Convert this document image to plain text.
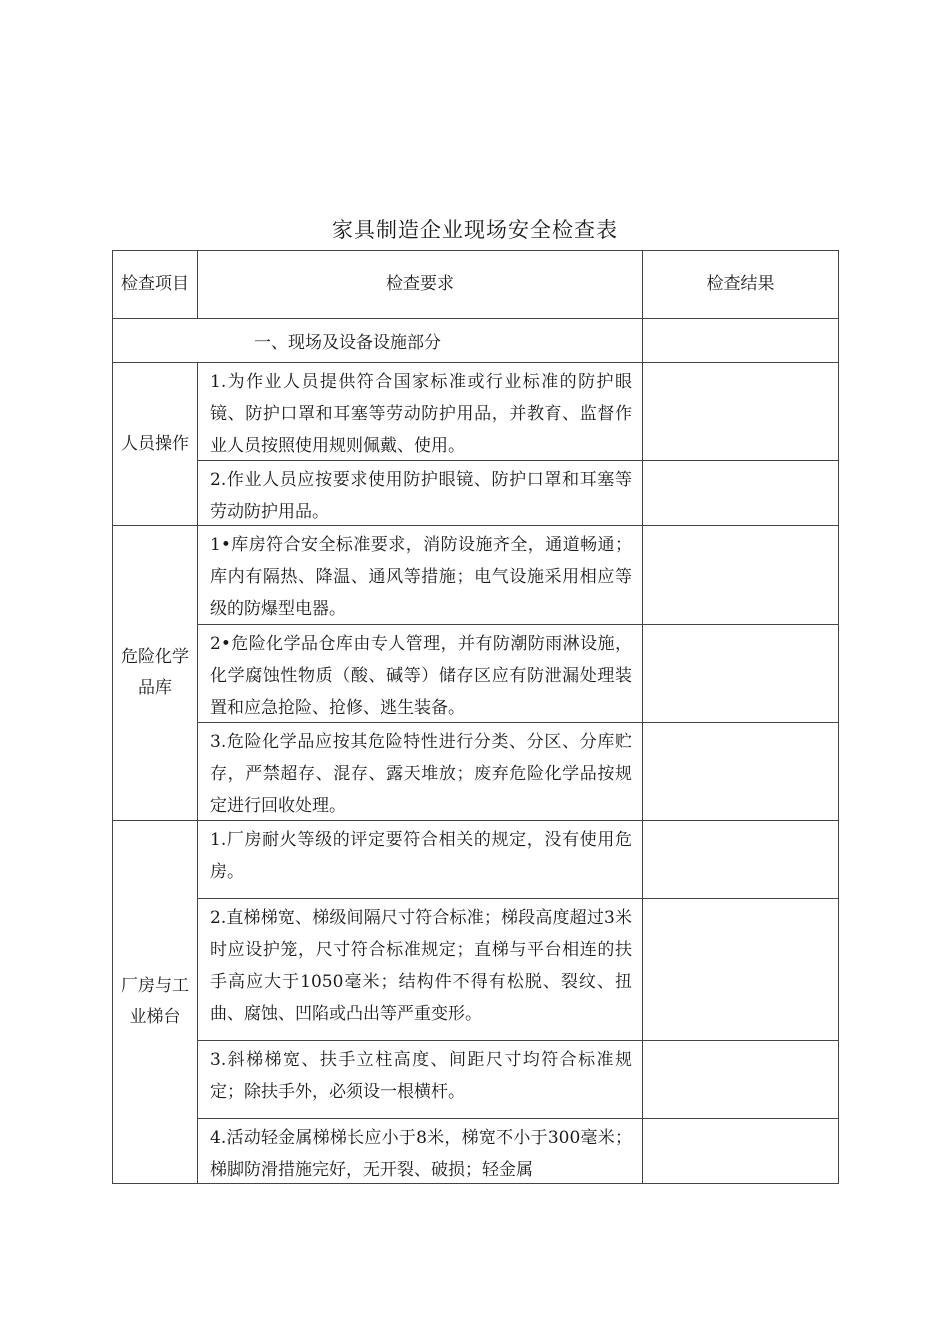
家具制造企业现场安全检查表
检查项目	检查要求	检查结果
一、现场及设备设施部分		
人员操作	1.为作业人员提供符合国家标准或行业标准的防护眼镜、防护口罩和耳塞等劳动防护用品，并教育、监督作业人员按照使用规则佩戴、使用。	

	2.作业人员应按要求使用防护眼镜、防护口罩和耳塞等劳动防护用品。	

危险化学品库	1•库房符合安全标准要求，消防设施齐全，通道畅通；库内有隔热、降温、通风等措施；电气设施采用相应等级的防爆型电器。	

	2•危险化学品仓库由专人管理，并有防潮防雨淋设施，化学腐蚀性物质（酸、碱等）储存区应有防泄漏处理装置和应急抢险、抢修、逃生装备。	

	3.危险化学品应按其危险特性进行分类、分区、分库贮存，严禁超存、混存、露天堆放；废弃危险化学品按规定进行回收处理。	

厂房与工业梯台	1.厂房耐火等级的评定要符合相关的规定，没有使用危房。	

	2.直梯梯宽、梯级间隔尺寸符合标准；梯段高度超过3米时应设护笼，尺寸符合标准规定；直梯与平台相连的扶手高应大于1050毫米；结构件不得有松脱、裂纹、扭曲、腐蚀、凹陷或凸出等严重变形。	

	3.斜梯梯宽、扶手立柱高度、间距尺寸均符合标准规定；除扶手外，必须设一根横杆。	

	4.活动轻金属梯梯长应小于8米，梯宽不小于300毫米；梯脚防滑措施完好，无开裂、破损；轻金属	
